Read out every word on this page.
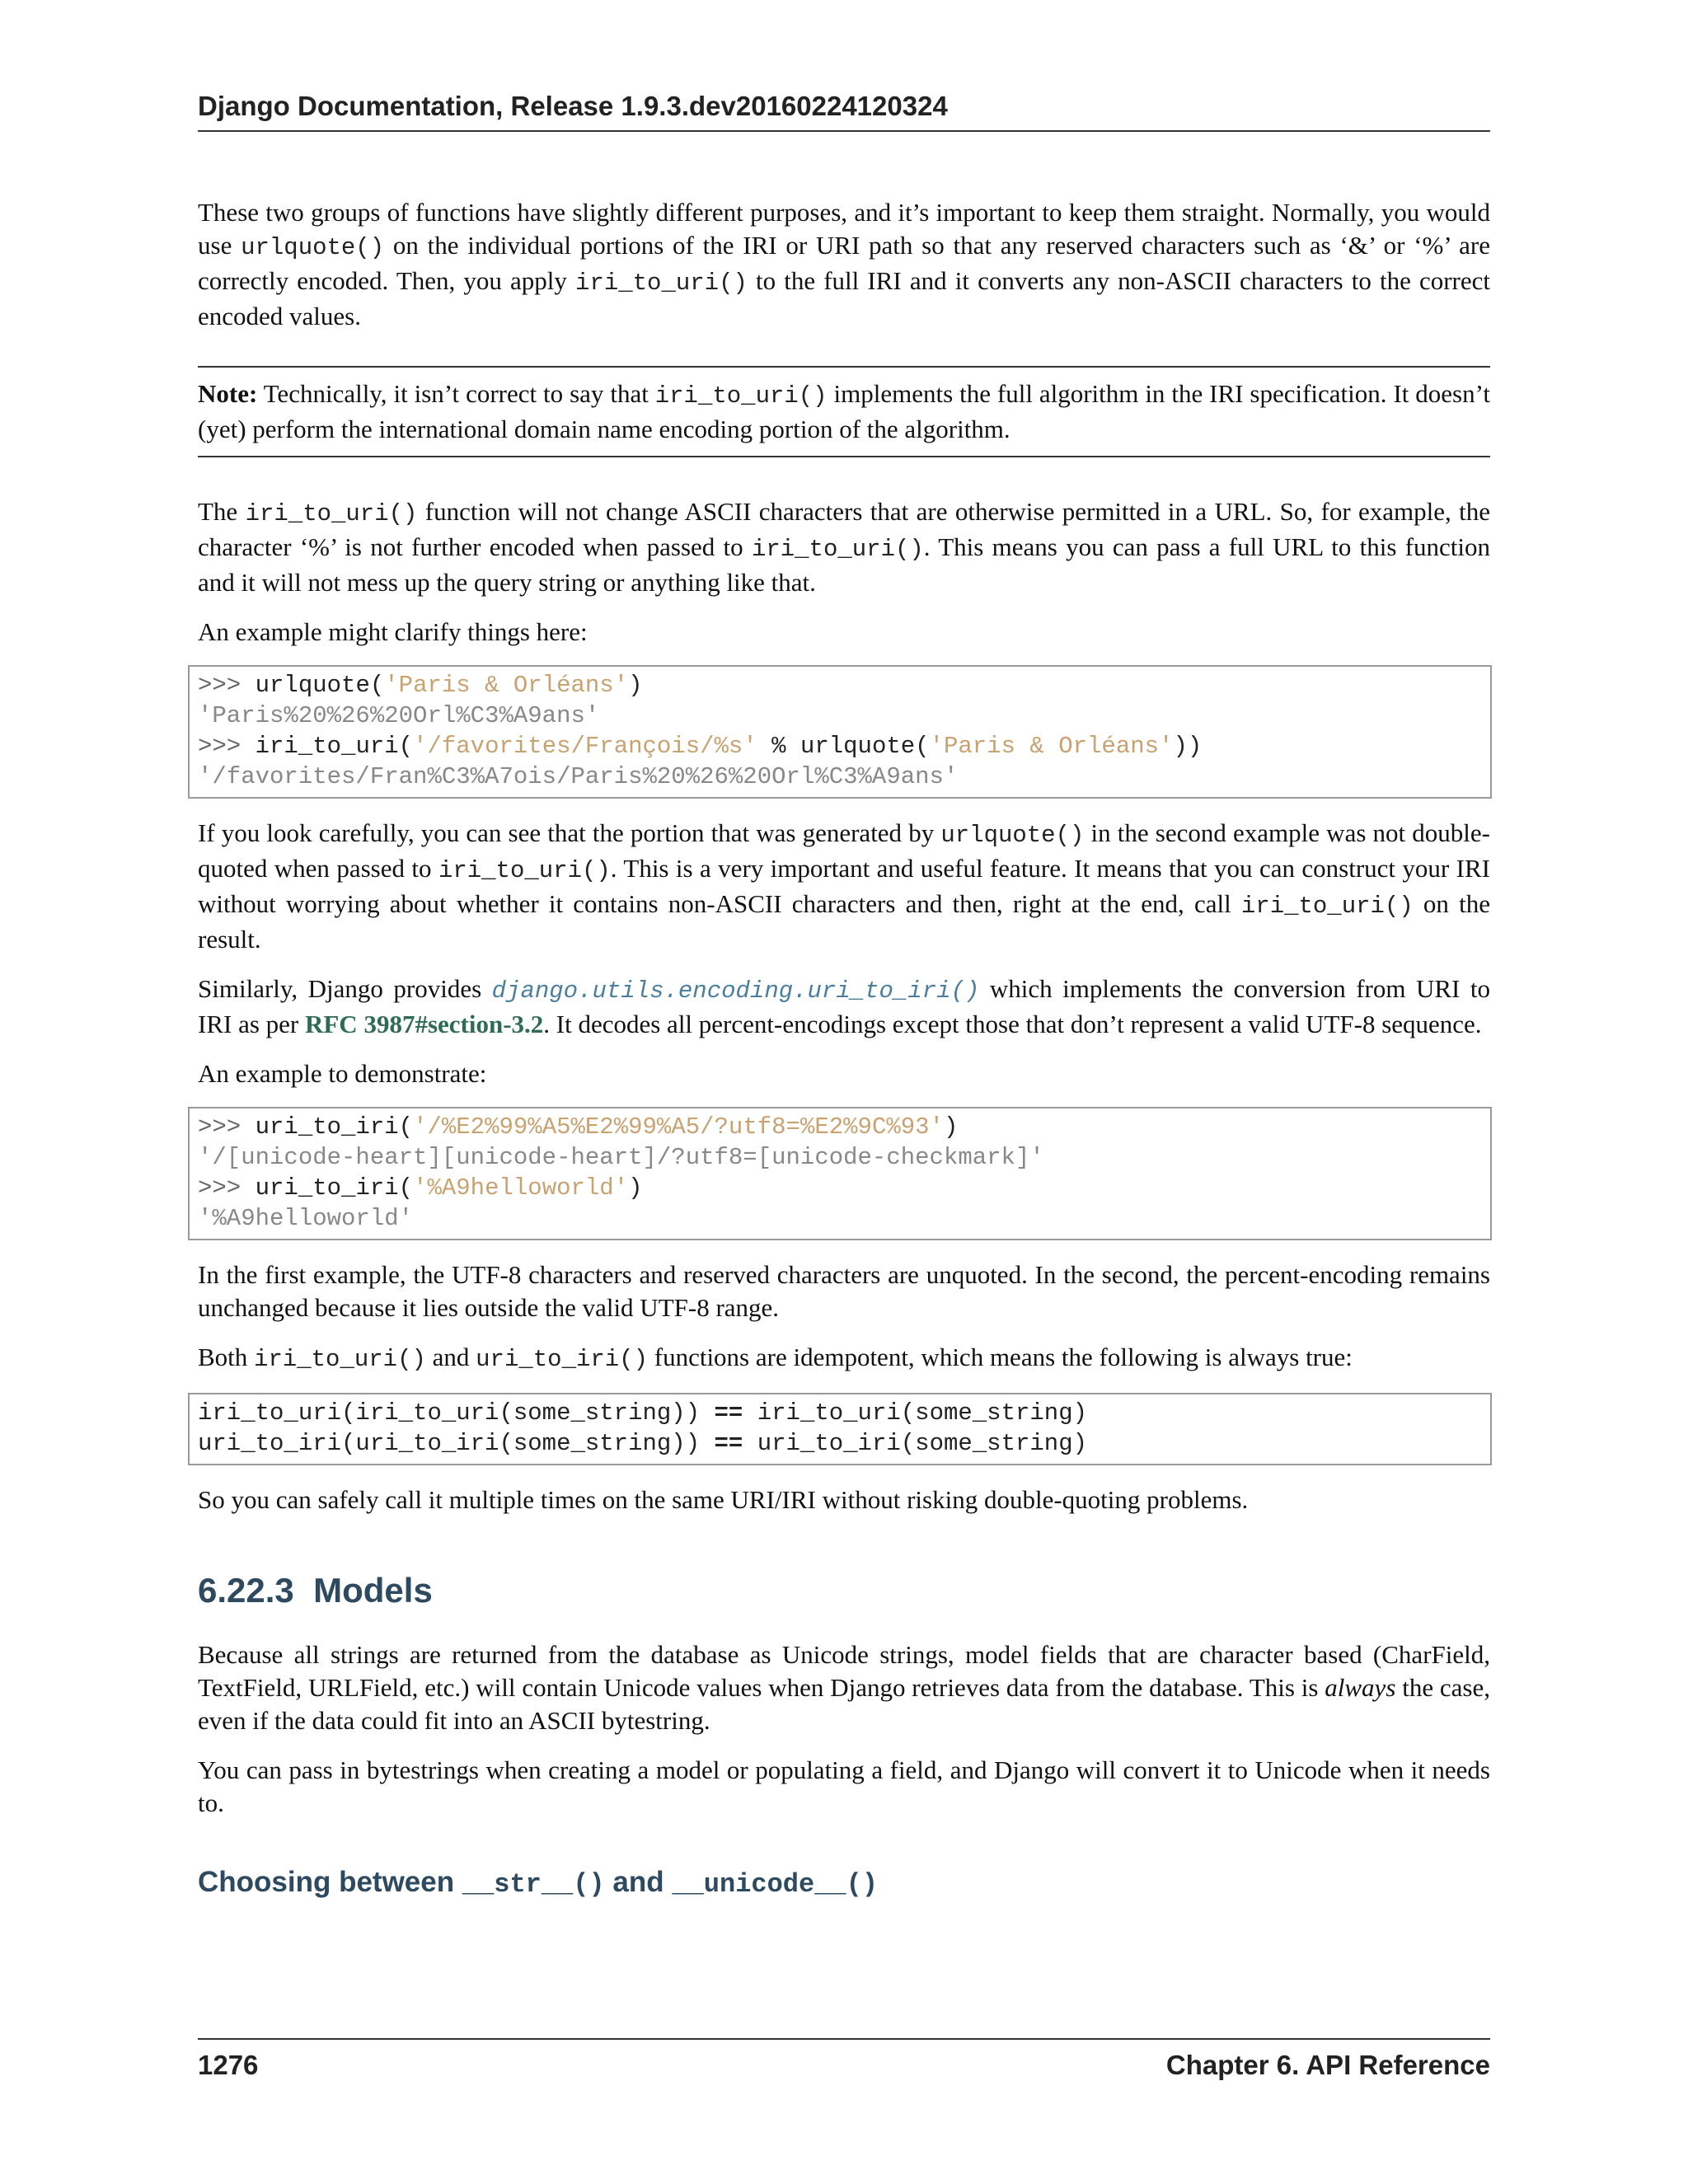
Django Documentation, Release 1.9.3.dev20160224120324

These two groups of functions have slightly different purposes, and it’s important to keep them straight. Normally, you would use urlquote() on the individual portions of the IRI or URI path so that any reserved characters such as ‘&’ or ‘%’ are correctly encoded. Then, you apply iri_to_uri() to the full IRI and it converts any non-ASCII characters to the correct encoded values.

Note: Technically, it isn’t correct to say that iri_to_uri() implements the full algorithm in the IRI specification. It doesn’t (yet) perform the international domain name encoding portion of the algorithm.

The iri_to_uri() function will not change ASCII characters that are otherwise permitted in a URL. So, for example, the character ‘%’ is not further encoded when passed to iri_to_uri(). This means you can pass a full URL to this function and it will not mess up the query string or anything like that.

An example might clarify things here:

>>> urlquote('Paris & Orléans')
'Paris%20%26%20Orl%C3%A9ans'
>>> iri_to_uri('/favorites/François/%s' % urlquote('Paris & Orléans'))
'/favorites/Fran%C3%A7ois/Paris%20%26%20Orl%C3%A9ans'

If you look carefully, you can see that the portion that was generated by urlquote() in the second example was not double-quoted when passed to iri_to_uri(). This is a very important and useful feature. It means that you can construct your IRI without worrying about whether it contains non-ASCII characters and then, right at the end, call iri_to_uri() on the result.

Similarly, Django provides django.utils.encoding.uri_to_iri() which implements the conversion from URI to IRI as per RFC 3987#section-3.2. It decodes all percent-encodings except those that don’t represent a valid UTF-8 sequence.

An example to demonstrate:

>>> uri_to_iri('/%E2%99%A5%E2%99%A5/?utf8=%E2%9C%93')
'/[unicode-heart][unicode-heart]/?utf8=[unicode-checkmark]'
>>> uri_to_iri('%A9helloworld')
'%A9helloworld'

In the first example, the UTF-8 characters and reserved characters are unquoted. In the second, the percent-encoding remains unchanged because it lies outside the valid UTF-8 range.

Both iri_to_uri() and uri_to_iri() functions are idempotent, which means the following is always true:

iri_to_uri(iri_to_uri(some_string)) == iri_to_uri(some_string)
uri_to_iri(uri_to_iri(some_string)) == uri_to_iri(some_string)

So you can safely call it multiple times on the same URI/IRI without risking double-quoting problems.

6.22.3 Models

Because all strings are returned from the database as Unicode strings, model fields that are character based (CharField, TextField, URLField, etc.) will contain Unicode values when Django retrieves data from the database. This is always the case, even if the data could fit into an ASCII bytestring.

You can pass in bytestrings when creating a model or populating a field, and Django will convert it to Unicode when it needs to.

Choosing between __str__() and __unicode__()
1276	Chapter 6. API Reference
